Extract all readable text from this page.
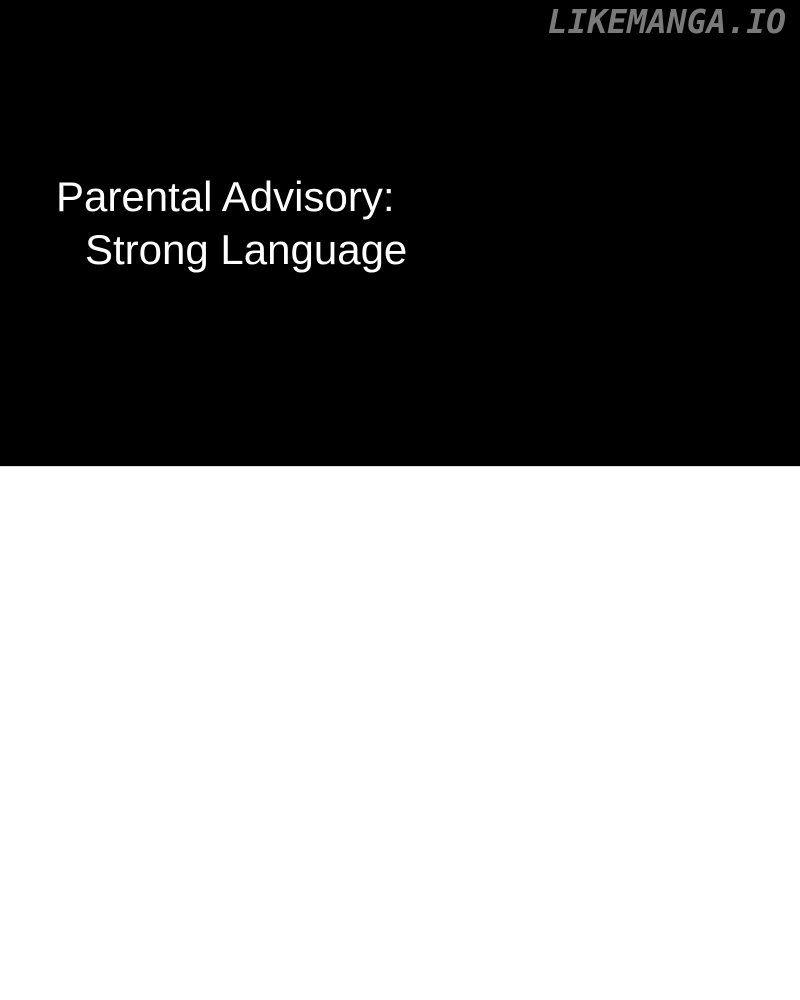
LIKEMANGA.IO
Parental Advisory:
Strong Language
